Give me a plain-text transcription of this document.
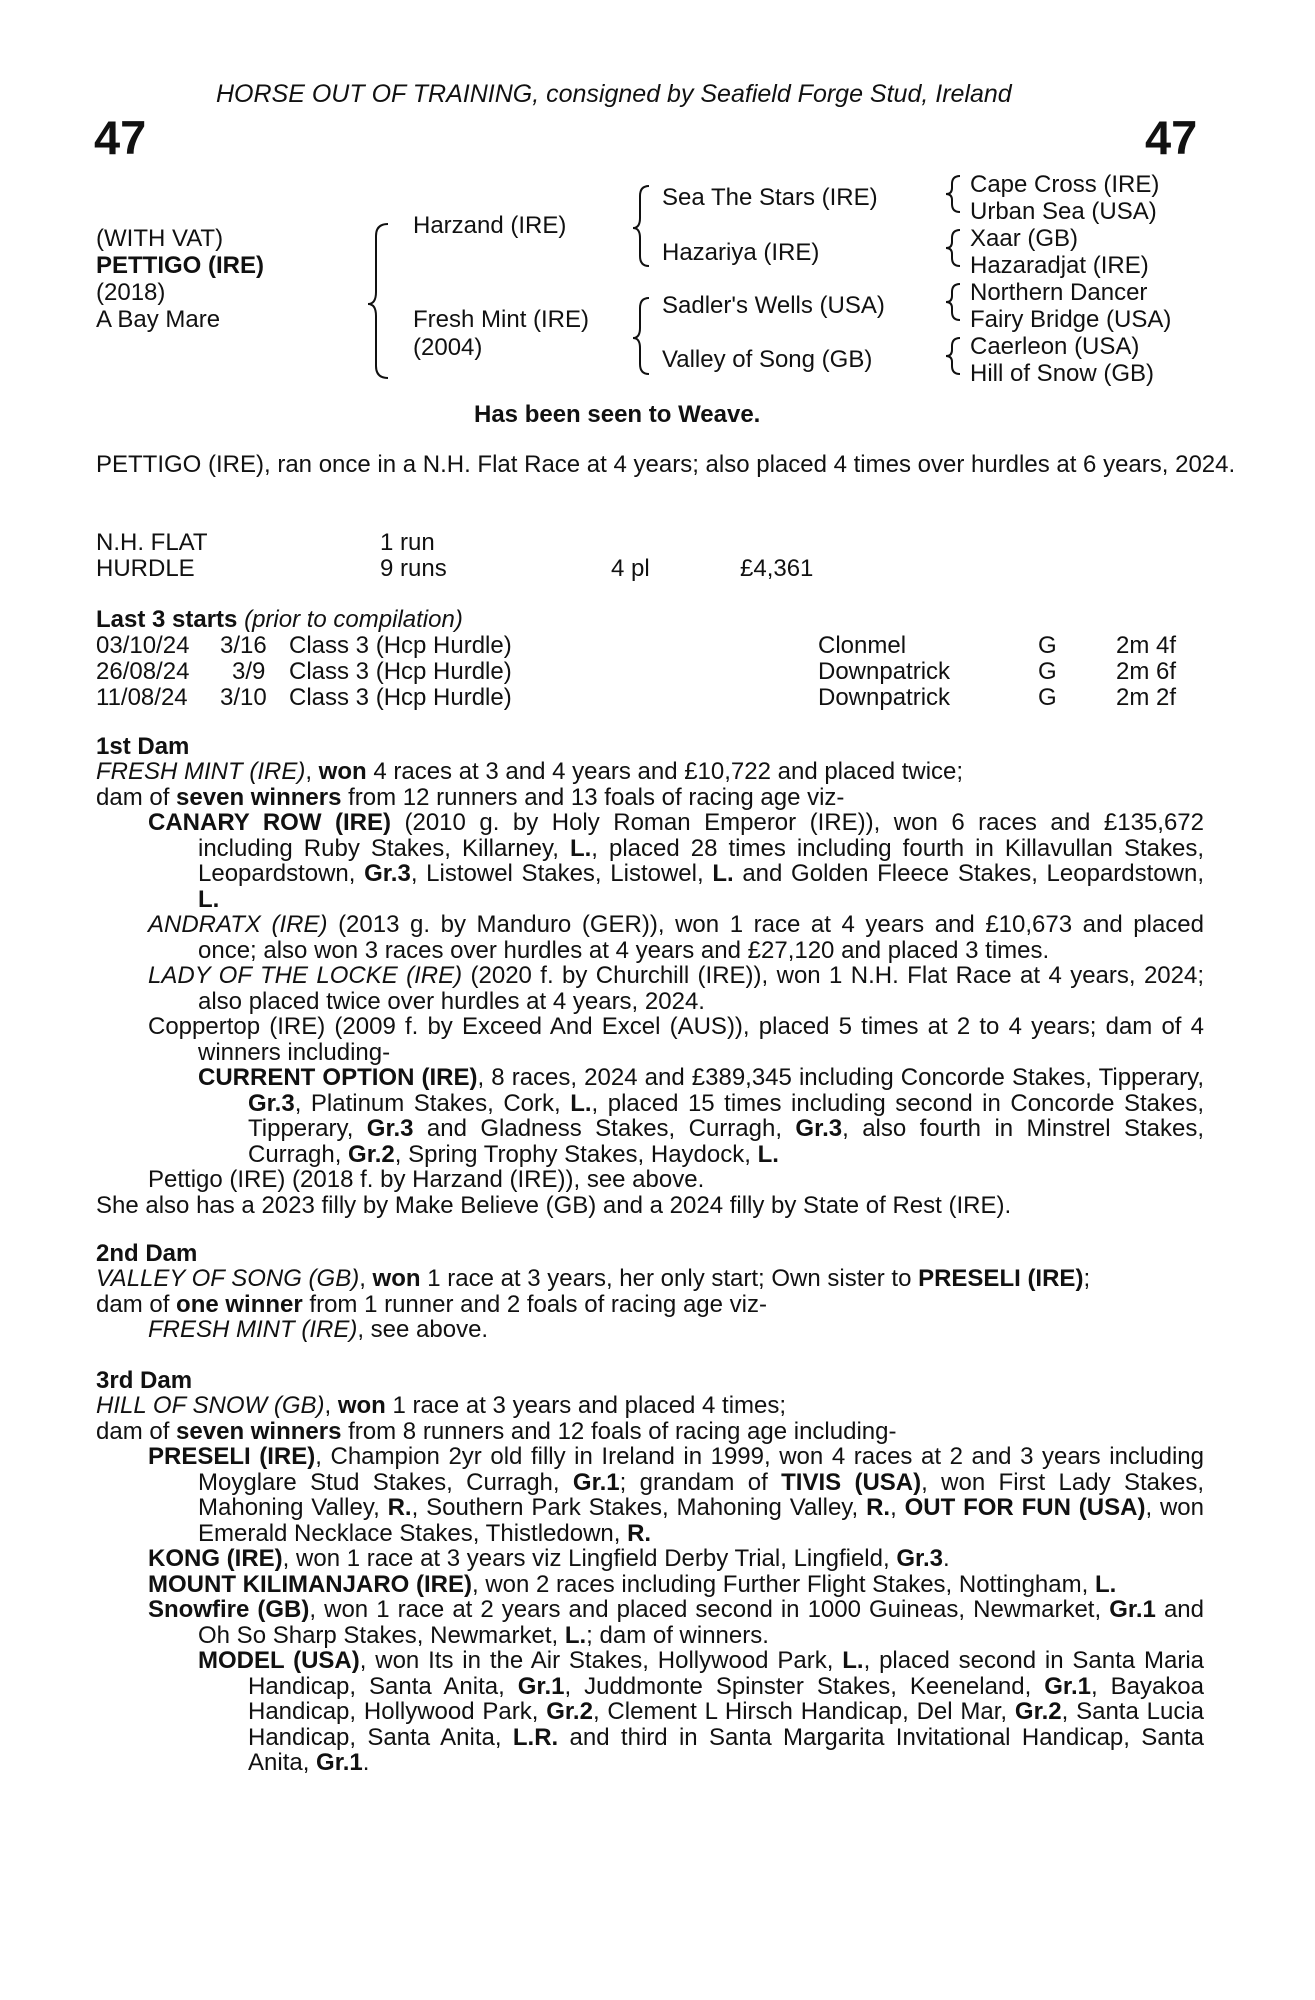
HORSE OUT OF TRAINING, consigned by Seafield Forge Stud, Ireland
47	47
(WITH VAT)
PETTIGO (IRE)
(2018)
A Bay Mare
Harzand (IRE)
Fresh Mint (IRE)
(2004)
Sea The Stars (IRE)
Hazariya (IRE)
Sadler's Wells (USA)
Valley of Song (GB)
Cape Cross (IRE)
Urban Sea (USA)
Xaar (GB)
Hazaradjat (IRE)
Northern Dancer
Fairy Bridge (USA)
Caerleon (USA)
Hill of Snow (GB)
Has been seen to Weave.
PETTIGO (IRE), ran once in a N.H. Flat Race at 4 years; also placed 4 times over hurdles at 6 years, 2024.
N.H. FLAT	1 run
HURDLE	9 runs	4 pl	£4,361
Last 3 starts (prior to compilation)
03/10/24 3/16 Class 3 (Hcp Hurdle)	Clonmel	G 2m 4f
26/08/24 3/9 Class 3 (Hcp Hurdle)	Downpatrick	G 2m 6f
11/08/24 3/10 Class 3 (Hcp Hurdle)	Downpatrick	G 2m 2f
1st Dam
FRESH MINT (IRE), won 4 races at 3 and 4 years and £10,722 and placed twice;
dam of seven winners from 12 runners and 13 foals of racing age viz-
CANARY ROW (IRE) (2010 g. by Holy Roman Emperor (IRE)), won 6 races and £135,672 including Ruby Stakes, Killarney, L., placed 28 times including fourth in Killavullan Stakes, Leopardstown, Gr.3, Listowel Stakes, Listowel, L. and Golden Fleece Stakes, Leopardstown, L.
ANDRATX (IRE) (2013 g. by Manduro (GER)), won 1 race at 4 years and £10,673 and placed once; also won 3 races over hurdles at 4 years and £27,120 and placed 3 times.
LADY OF THE LOCKE (IRE) (2020 f. by Churchill (IRE)), won 1 N.H. Flat Race at 4 years, 2024; also placed twice over hurdles at 4 years, 2024.
Coppertop (IRE) (2009 f. by Exceed And Excel (AUS)), placed 5 times at 2 to 4 years; dam of 4 winners including-
CURRENT OPTION (IRE), 8 races, 2024 and £389,345 including Concorde Stakes, Tipperary, Gr.3, Platinum Stakes, Cork, L., placed 15 times including second in Concorde Stakes, Tipperary, Gr.3 and Gladness Stakes, Curragh, Gr.3, also fourth in Minstrel Stakes, Curragh, Gr.2, Spring Trophy Stakes, Haydock, L.
Pettigo (IRE) (2018 f. by Harzand (IRE)), see above.
She also has a 2023 filly by Make Believe (GB) and a 2024 filly by State of Rest (IRE).
2nd Dam
VALLEY OF SONG (GB), won 1 race at 3 years, her only start; Own sister to PRESELI (IRE);
dam of one winner from 1 runner and 2 foals of racing age viz-
FRESH MINT (IRE), see above.
3rd Dam
HILL OF SNOW (GB), won 1 race at 3 years and placed 4 times;
dam of seven winners from 8 runners and 12 foals of racing age including-
PRESELI (IRE), Champion 2yr old filly in Ireland in 1999, won 4 races at 2 and 3 years including Moyglare Stud Stakes, Curragh, Gr.1; grandam of TIVIS (USA), won First Lady Stakes, Mahoning Valley, R., Southern Park Stakes, Mahoning Valley, R., OUT FOR FUN (USA), won Emerald Necklace Stakes, Thistledown, R.
KONG (IRE), won 1 race at 3 years viz Lingfield Derby Trial, Lingfield, Gr.3.
MOUNT KILIMANJARO (IRE), won 2 races including Further Flight Stakes, Nottingham, L.
Snowfire (GB), won 1 race at 2 years and placed second in 1000 Guineas, Newmarket, Gr.1 and Oh So Sharp Stakes, Newmarket, L.; dam of winners.
MODEL (USA), won Its in the Air Stakes, Hollywood Park, L., placed second in Santa Maria Handicap, Santa Anita, Gr.1, Juddmonte Spinster Stakes, Keeneland, Gr.1, Bayakoa Handicap, Hollywood Park, Gr.2, Clement L Hirsch Handicap, Del Mar, Gr.2, Santa Lucia Handicap, Santa Anita, L.R. and third in Santa Margarita Invitational Handicap, Santa Anita, Gr.1.
